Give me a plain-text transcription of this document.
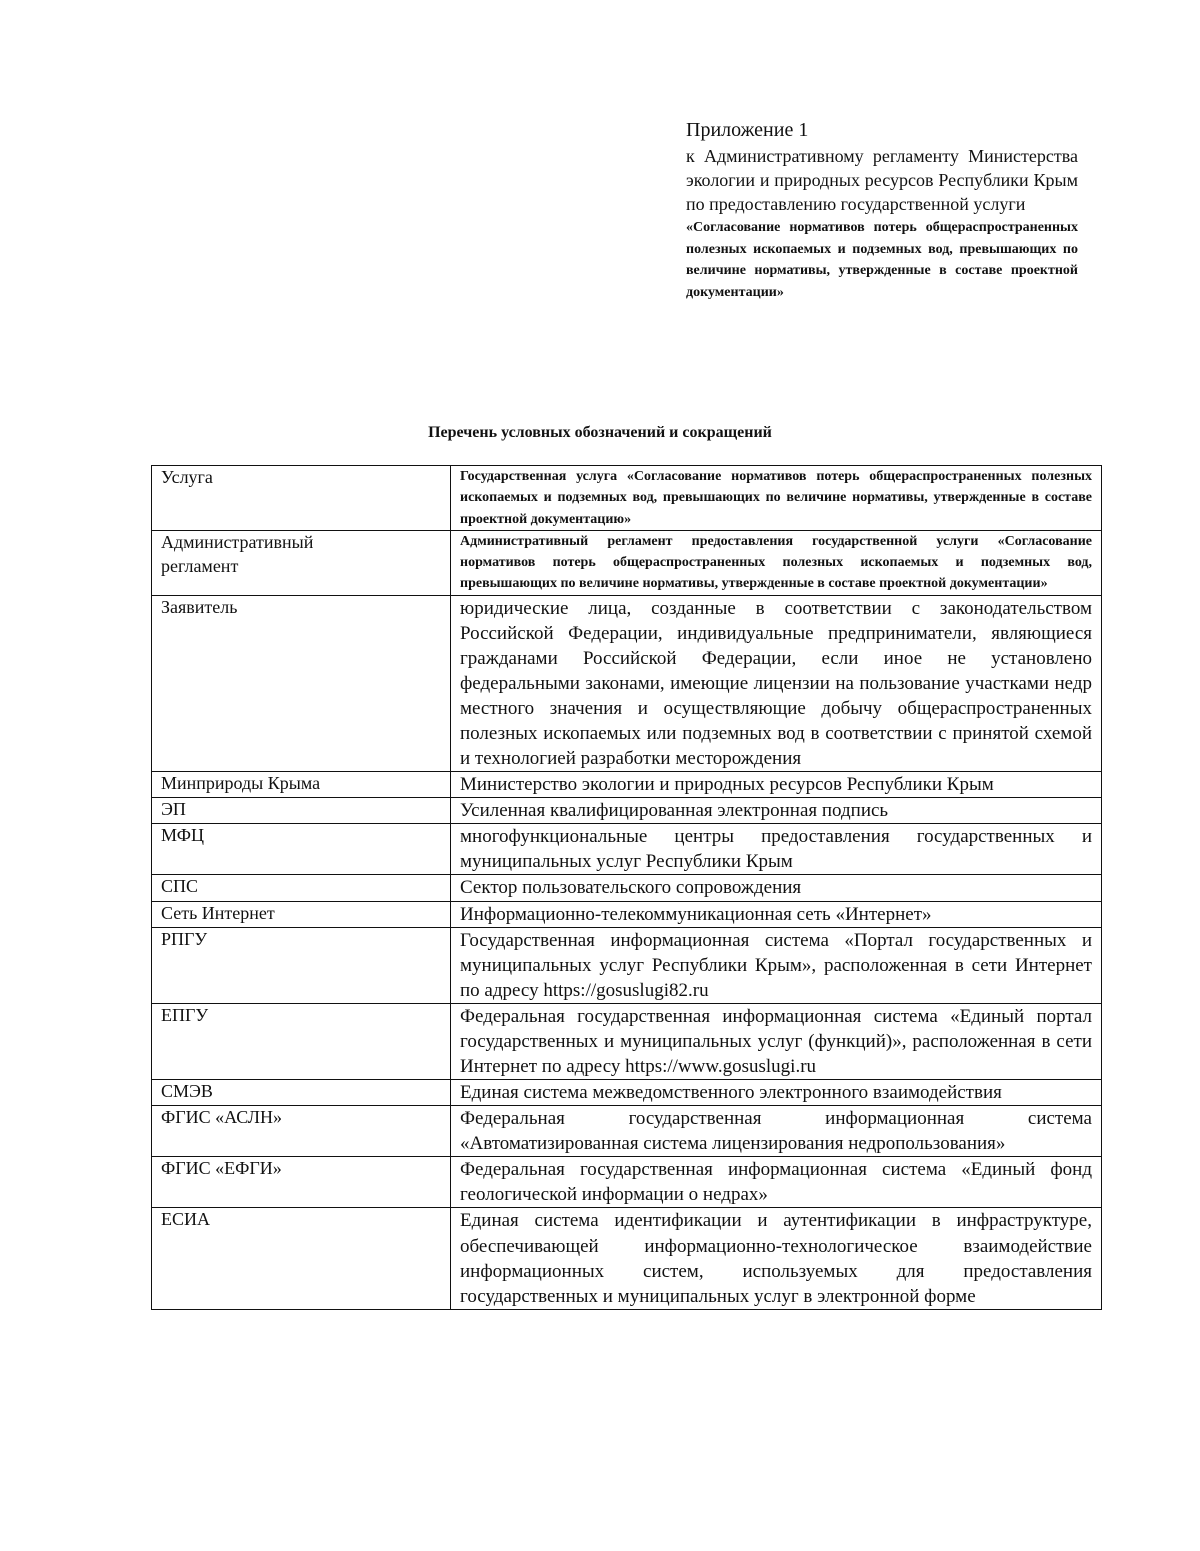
Приложение 1

к Административному регламенту Министерства экологии и природных ресурсов Республики Крым по предоставлению государственной услуги

«Согласование нормативов потерь общераспространенных полезных ископаемых и подземных вод, превышающих по величине нормативы, утвержденные в составе проектной документации»

Перечень условных обозначений и сокращений
Услуга	Государственная услуга «Согласование нормативов потерь общераспространенных полезных ископаемых и подземных вод, превышающих по величине нормативы, утвержденные в составе проектной документацию»

Административный регламент	Административный регламент предоставления государственной услуги «Согласование нормативов потерь общераспространенных полезных ископаемых и подземных вод, превышающих по величине нормативы, утвержденные в составе проектной документации»

Заявитель	юридические лица, созданные в соответствии с законодательством Российской Федерации, индивидуальные предприниматели, являющиеся гражданами Российской Федерации, если иное не установлено федеральными законами, имеющие лицензии на пользование участками недр местного значения и осуществляющие добычу общераспространенных полезных ископаемых или подземных вод в соответствии с принятой схемой и технологией разработки месторождения

Минприроды Крыма	Министерство экологии и природных ресурсов Республики Крым

ЭП	Усиленная квалифицированная электронная подпись

МФЦ	многофункциональные центры предоставления государственных и муниципальных услуг Республики Крым

СПС	Сектор пользовательского сопровождения

Сеть Интернет	Информационно-телекоммуникационная сеть «Интернет»

РПГУ	Государственная информационная система «Портал государственных и муниципальных услуг Республики Крым», расположенная в сети Интернет по адресу https://gosuslugi82.ru

ЕПГУ	Федеральная государственная информационная система «Единый портал государственных и муниципальных услуг (функций)», расположенная в сети Интернет по адресу https://www.gosuslugi.ru

СМЭВ	Единая система межведомственного электронного взаимодействия

ФГИС «АСЛН»	Федеральная государственная информационная система «Автоматизированная система лицензирования недропользования»

ФГИС «ЕФГИ»	Федеральная государственная информационная система «Единый фонд геологической информации о недрах»

ЕСИА	Единая система идентификации и аутентификации в инфраструктуре, обеспечивающей информационно-технологическое взаимодействие информационных систем, используемых для предоставления государственных и муниципальных услуг в электронной форме
